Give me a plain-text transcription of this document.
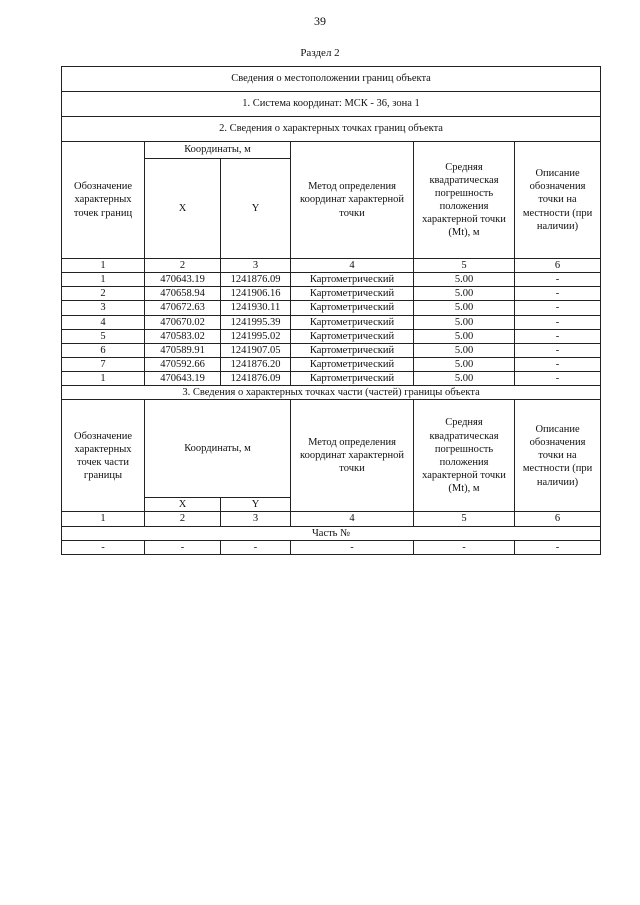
39
Раздел 2
Сведения о местоположении границ объекта					
1. Система координат: МСК - 36, зона 1					
2. Сведения о характерных точках границ объекта					
Обозначение характерных точек границ	Координаты, м		Метод определения координат характерной точки	Средняя квадратическая погрешность положения характерной точки (Mt), м	Описание обозначения точки на местности (при наличии)
	X	Y			
1	2	3	4	5	6
1	470643.19	1241876.09	Картометрический	5.00	-
2	470658.94	1241906.16	Картометрический	5.00	-
3	470672.63	1241930.11	Картометрический	5.00	-
4	470670.02	1241995.39	Картометрический	5.00	-
5	470583.02	1241995.02	Картометрический	5.00	-
6	470589.91	1241907.05	Картометрический	5.00	-
7	470592.66	1241876.20	Картометрический	5.00	-
1	470643.19	1241876.09	Картометрический	5.00	-
3. Сведения о характерных точках части (частей) границы объекта					
Обозначение характерных точек части границы	Координаты, м		Метод определения координат характерной точки	Средняя квадратическая погрешность положения характерной точки (Mt), м	Описание обозначения точки на местности (при наличии)
	X	Y			
1	2	3	4	5	6
Часть №					
-	-	-	-	-	-
